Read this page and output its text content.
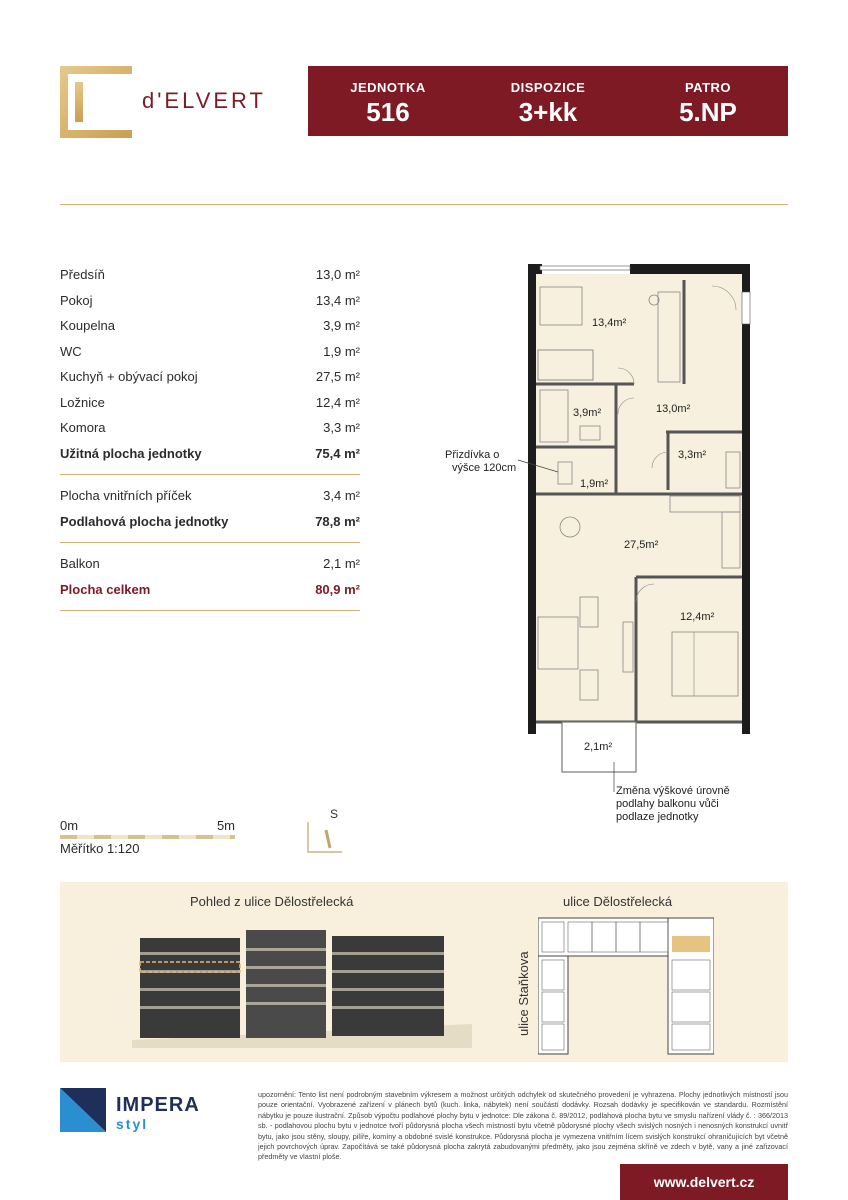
d'ELVERT
JEDNOTKA
516
DISPOZICE
3+kk
PATRO
5.NP
Předsíň	13,0 m²
Pokoj	13,4 m²
Koupelna	3,9 m²
WC	1,9 m²
Kuchyň + obývací pokoj	27,5 m²
Ložnice	12,4 m²
Komora	3,3 m²
Užitná plocha jednotky	75,4 m²
Plocha vnitřních příček	3,4 m²
Podlahová plocha jednotky	78,8 m²
Balkon	2,1 m²
Plocha celkem	80,9 m²
13,4m²
3,9m²	13,0m²
3,3m²
1,9m²
27,5m²
12,4m²
2,1m²
Přizdívka o
výšce 120cm
Změna výškové úrovně
podlahy balkonu vůči
podlaze jednotky
0m	5m
Měřítko 1:120
S
Pohled z ulice Dělostřelecká	ulice Dělostřelecká
ulice Staňkova
IMPERA
styl
upozornění: Tento list není podrobným stavebním výkresem a možnost určitých odchylek od skutečného provedení je vyhrazena. Plochy jednotlivých místností jsou pouze orientační. Vyobrazené zařízení v plánech bytů (kuch. linka, nábytek) není součástí dodávky. Rozsah dodávky je specifikován ve standardu. Rozmístění nábytku je pouze ilustrační. Způsob výpočtu podlahové plochy bytu v jednotce: Dle zákona č. 89/2012, podlahová plocha bytu ve smyslu nařízení vlády č. : 366/2013 sb. - podlahovou plochu bytu v jednotce tvoří půdorysná plocha všech místností bytu včetně půdorysné plochy všech svislých nosných i nenosných konstrukcí uvnitř bytu, jako jsou stěny, sloupy, pilíře, komíny a obdobné svislé konstrukce. Půdorysná plocha je vymezena vnitřním lícem svislých konstrukcí ohraničujících byt včetně jejich povrchových úprav. Započítává se také půdorysná plocha zakrytá zabudovanými předměty, jako jsou zejména skříně ve zdech v bytě, vany a jiné zařizovací předměty ve vlastní ploše.
www.delvert.cz
